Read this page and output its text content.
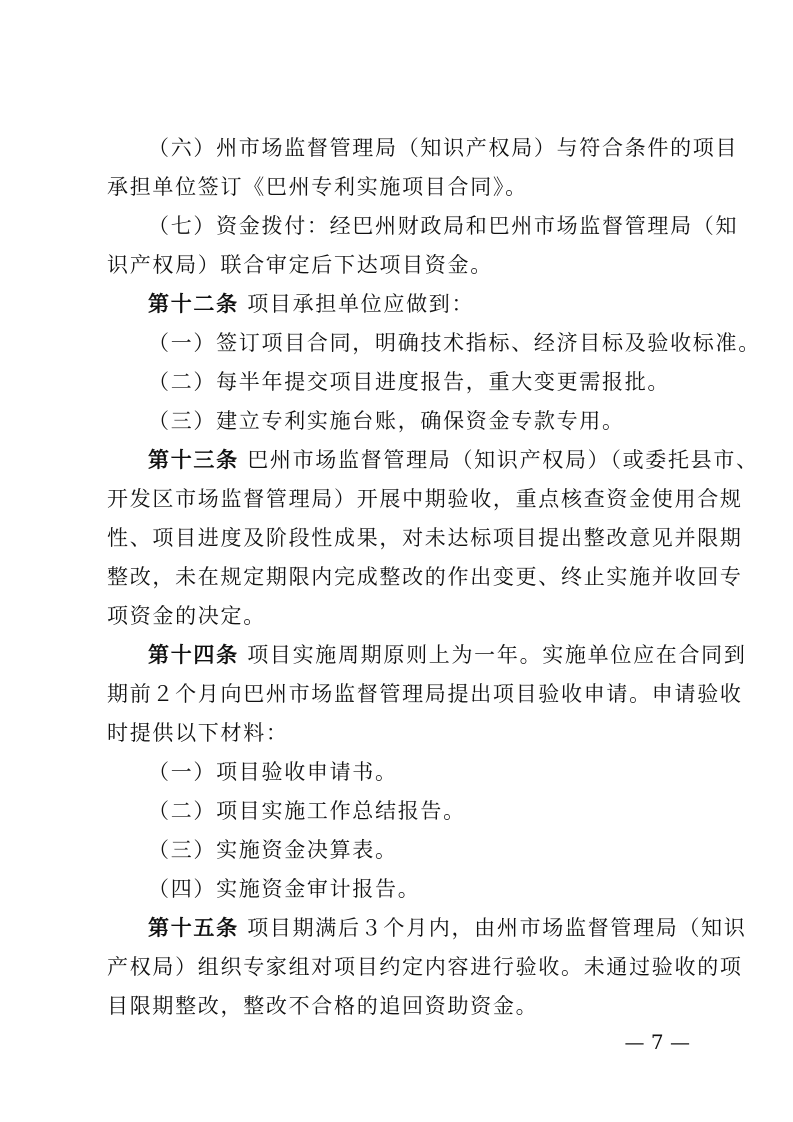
（六）州市场监督管理局（知识产权局）与符合条件的项目
承担单位签订《巴州专利实施项目合同》。
（七）资金拨付：经巴州财政局和巴州市场监督管理局（知
识产权局）联合审定后下达项目资金。
第十二条 项目承担单位应做到：
（一）签订项目合同，明确技术指标、经济目标及验收标准。
（二）每半年提交项目进度报告，重大变更需报批。
（三）建立专利实施台账，确保资金专款专用。
第十三条 巴州市场监督管理局（知识产权局）（或委托县市、
开发区市场监督管理局）开展中期验收，重点核查资金使用合规
性、项目进度及阶段性成果，对未达标项目提出整改意见并限期
整改，未在规定期限内完成整改的作出变更、终止实施并收回专
项资金的决定。
第十四条 项目实施周期原则上为一年。实施单位应在合同到
期前２个月向巴州市场监督管理局提出项目验收申请。申请验收
时提供以下材料：
（一）项目验收申请书。
（二）项目实施工作总结报告。
（三）实施资金决算表。
（四）实施资金审计报告。
第十五条 项目期满后３个月内，由州市场监督管理局（知识
产权局）组织专家组对项目约定内容进行验收。未通过验收的项
目限期整改，整改不合格的追回资助资金。
— 7 —
